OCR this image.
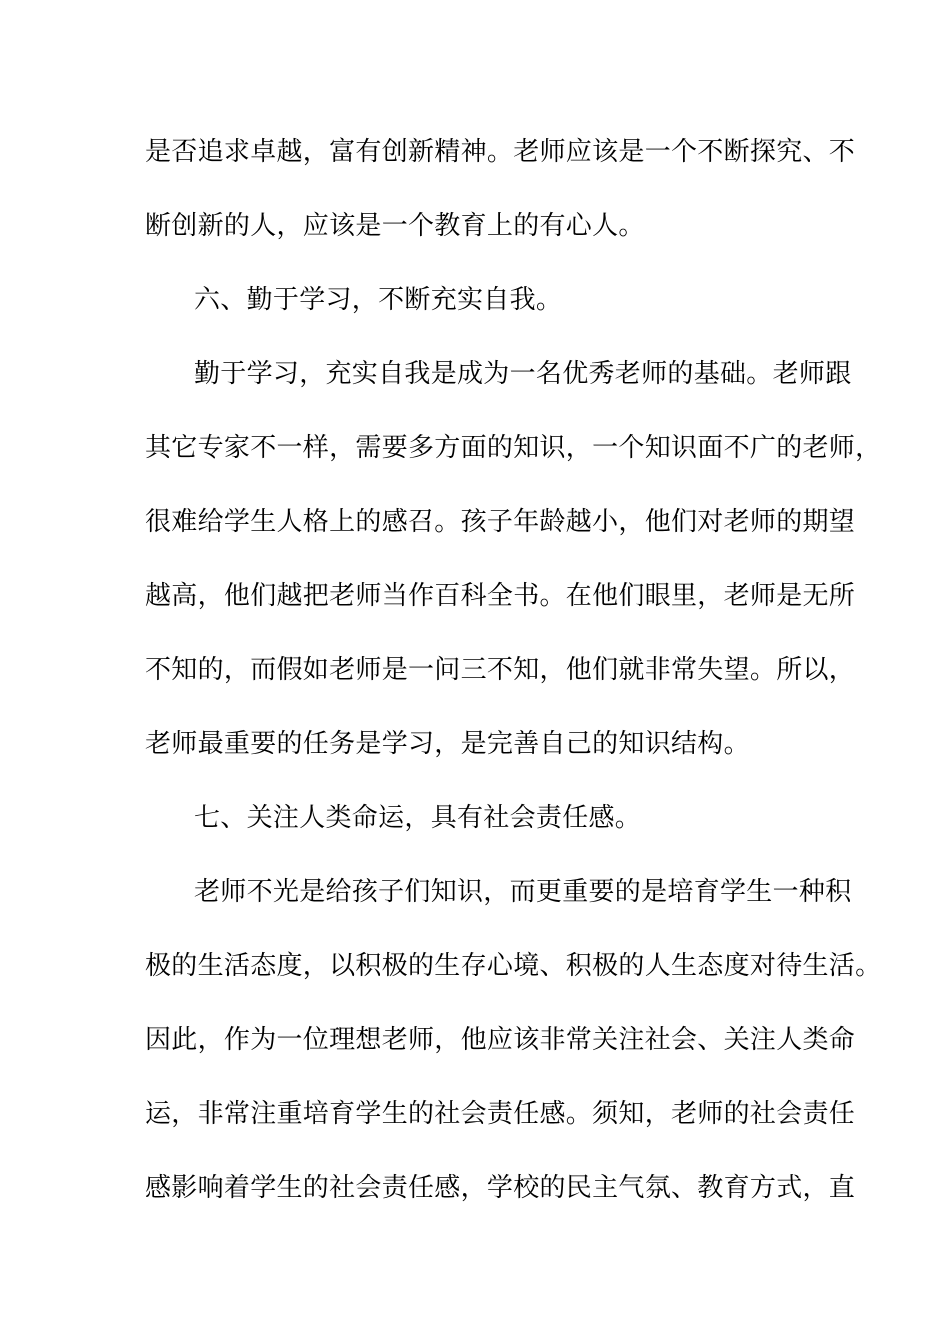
是否追求卓越，富有创新精神。老师应该是一个不断探究、不
断创新的人，应该是一个教育上的有心人。
六、勤于学习，不断充实自我。
勤于学习，充实自我是成为一名优秀老师的基础。老师跟
其它专家不一样，需要多方面的知识，一个知识面不广的老师，
很难给学生人格上的感召。孩子年龄越小，他们对老师的期望
越高，他们越把老师当作百科全书。在他们眼里，老师是无所
不知的，而假如老师是一问三不知，他们就非常失望。所以，
老师最重要的任务是学习，是完善自己的知识结构。
七、关注人类命运，具有社会责任感。
老师不光是给孩子们知识，而更重要的是培育学生一种积
极的生活态度，以积极的生存心境、积极的人生态度对待生活。
因此，作为一位理想老师，他应该非常关注社会、关注人类命
运，非常注重培育学生的社会责任感。须知，老师的社会责任
感影响着学生的社会责任感，学校的民主气氛、教育方式，直
